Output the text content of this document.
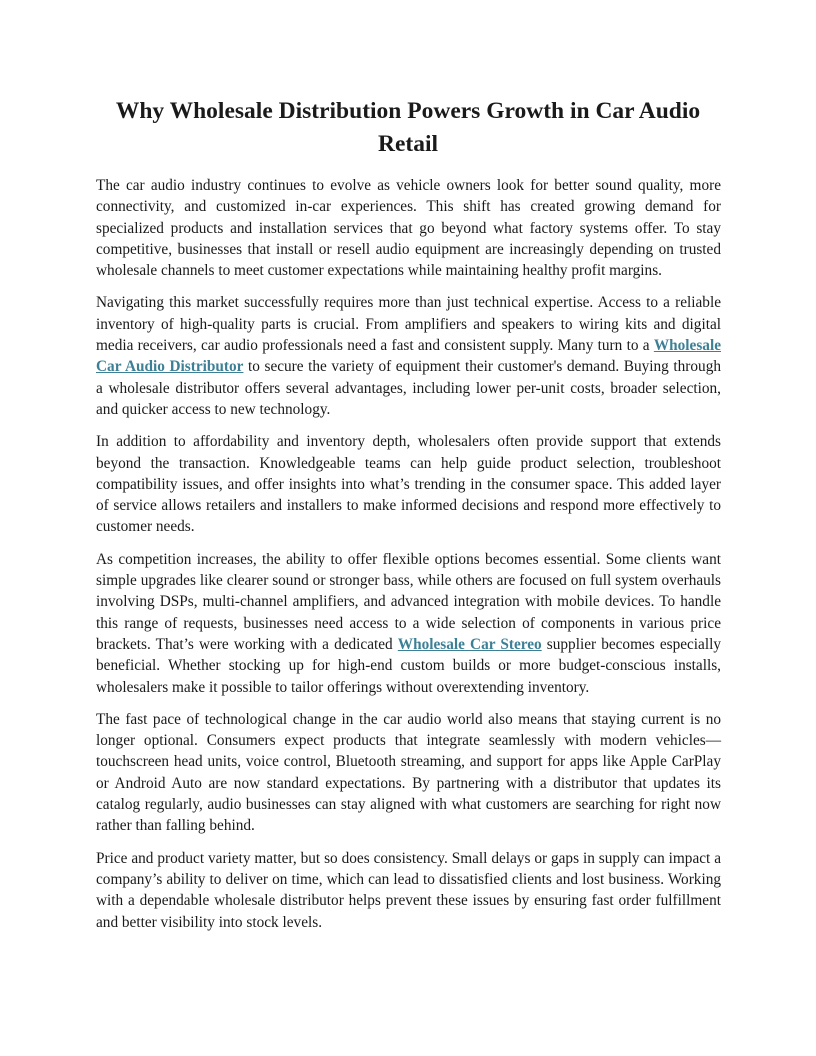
Why Wholesale Distribution Powers Growth in Car Audio Retail

The car audio industry continues to evolve as vehicle owners look for better sound quality, more connectivity, and customized in-car experiences. This shift has created growing demand for specialized products and installation services that go beyond what factory systems offer. To stay competitive, businesses that install or resell audio equipment are increasingly depending on trusted wholesale channels to meet customer expectations while maintaining healthy profit margins.

Navigating this market successfully requires more than just technical expertise. Access to a reliable inventory of high-quality parts is crucial. From amplifiers and speakers to wiring kits and digital media receivers, car audio professionals need a fast and consistent supply. Many turn to a Wholesale Car Audio Distributor to secure the variety of equipment their customer's demand. Buying through a wholesale distributor offers several advantages, including lower per-unit costs, broader selection, and quicker access to new technology.

In addition to affordability and inventory depth, wholesalers often provide support that extends beyond the transaction. Knowledgeable teams can help guide product selection, troubleshoot compatibility issues, and offer insights into what’s trending in the consumer space. This added layer of service allows retailers and installers to make informed decisions and respond more effectively to customer needs.

As competition increases, the ability to offer flexible options becomes essential. Some clients want simple upgrades like clearer sound or stronger bass, while others are focused on full system overhauls involving DSPs, multi-channel amplifiers, and advanced integration with mobile devices. To handle this range of requests, businesses need access to a wide selection of components in various price brackets. That’s were working with a dedicated Wholesale Car Stereo supplier becomes especially beneficial. Whether stocking up for high-end custom builds or more budget-conscious installs, wholesalers make it possible to tailor offerings without overextending inventory.

The fast pace of technological change in the car audio world also means that staying current is no longer optional. Consumers expect products that integrate seamlessly with modern vehicles—touchscreen head units, voice control, Bluetooth streaming, and support for apps like Apple CarPlay or Android Auto are now standard expectations. By partnering with a distributor that updates its catalog regularly, audio businesses can stay aligned with what customers are searching for right now rather than falling behind.

Price and product variety matter, but so does consistency. Small delays or gaps in supply can impact a company’s ability to deliver on time, which can lead to dissatisfied clients and lost business. Working with a dependable wholesale distributor helps prevent these issues by ensuring fast order fulfillment and better visibility into stock levels.
